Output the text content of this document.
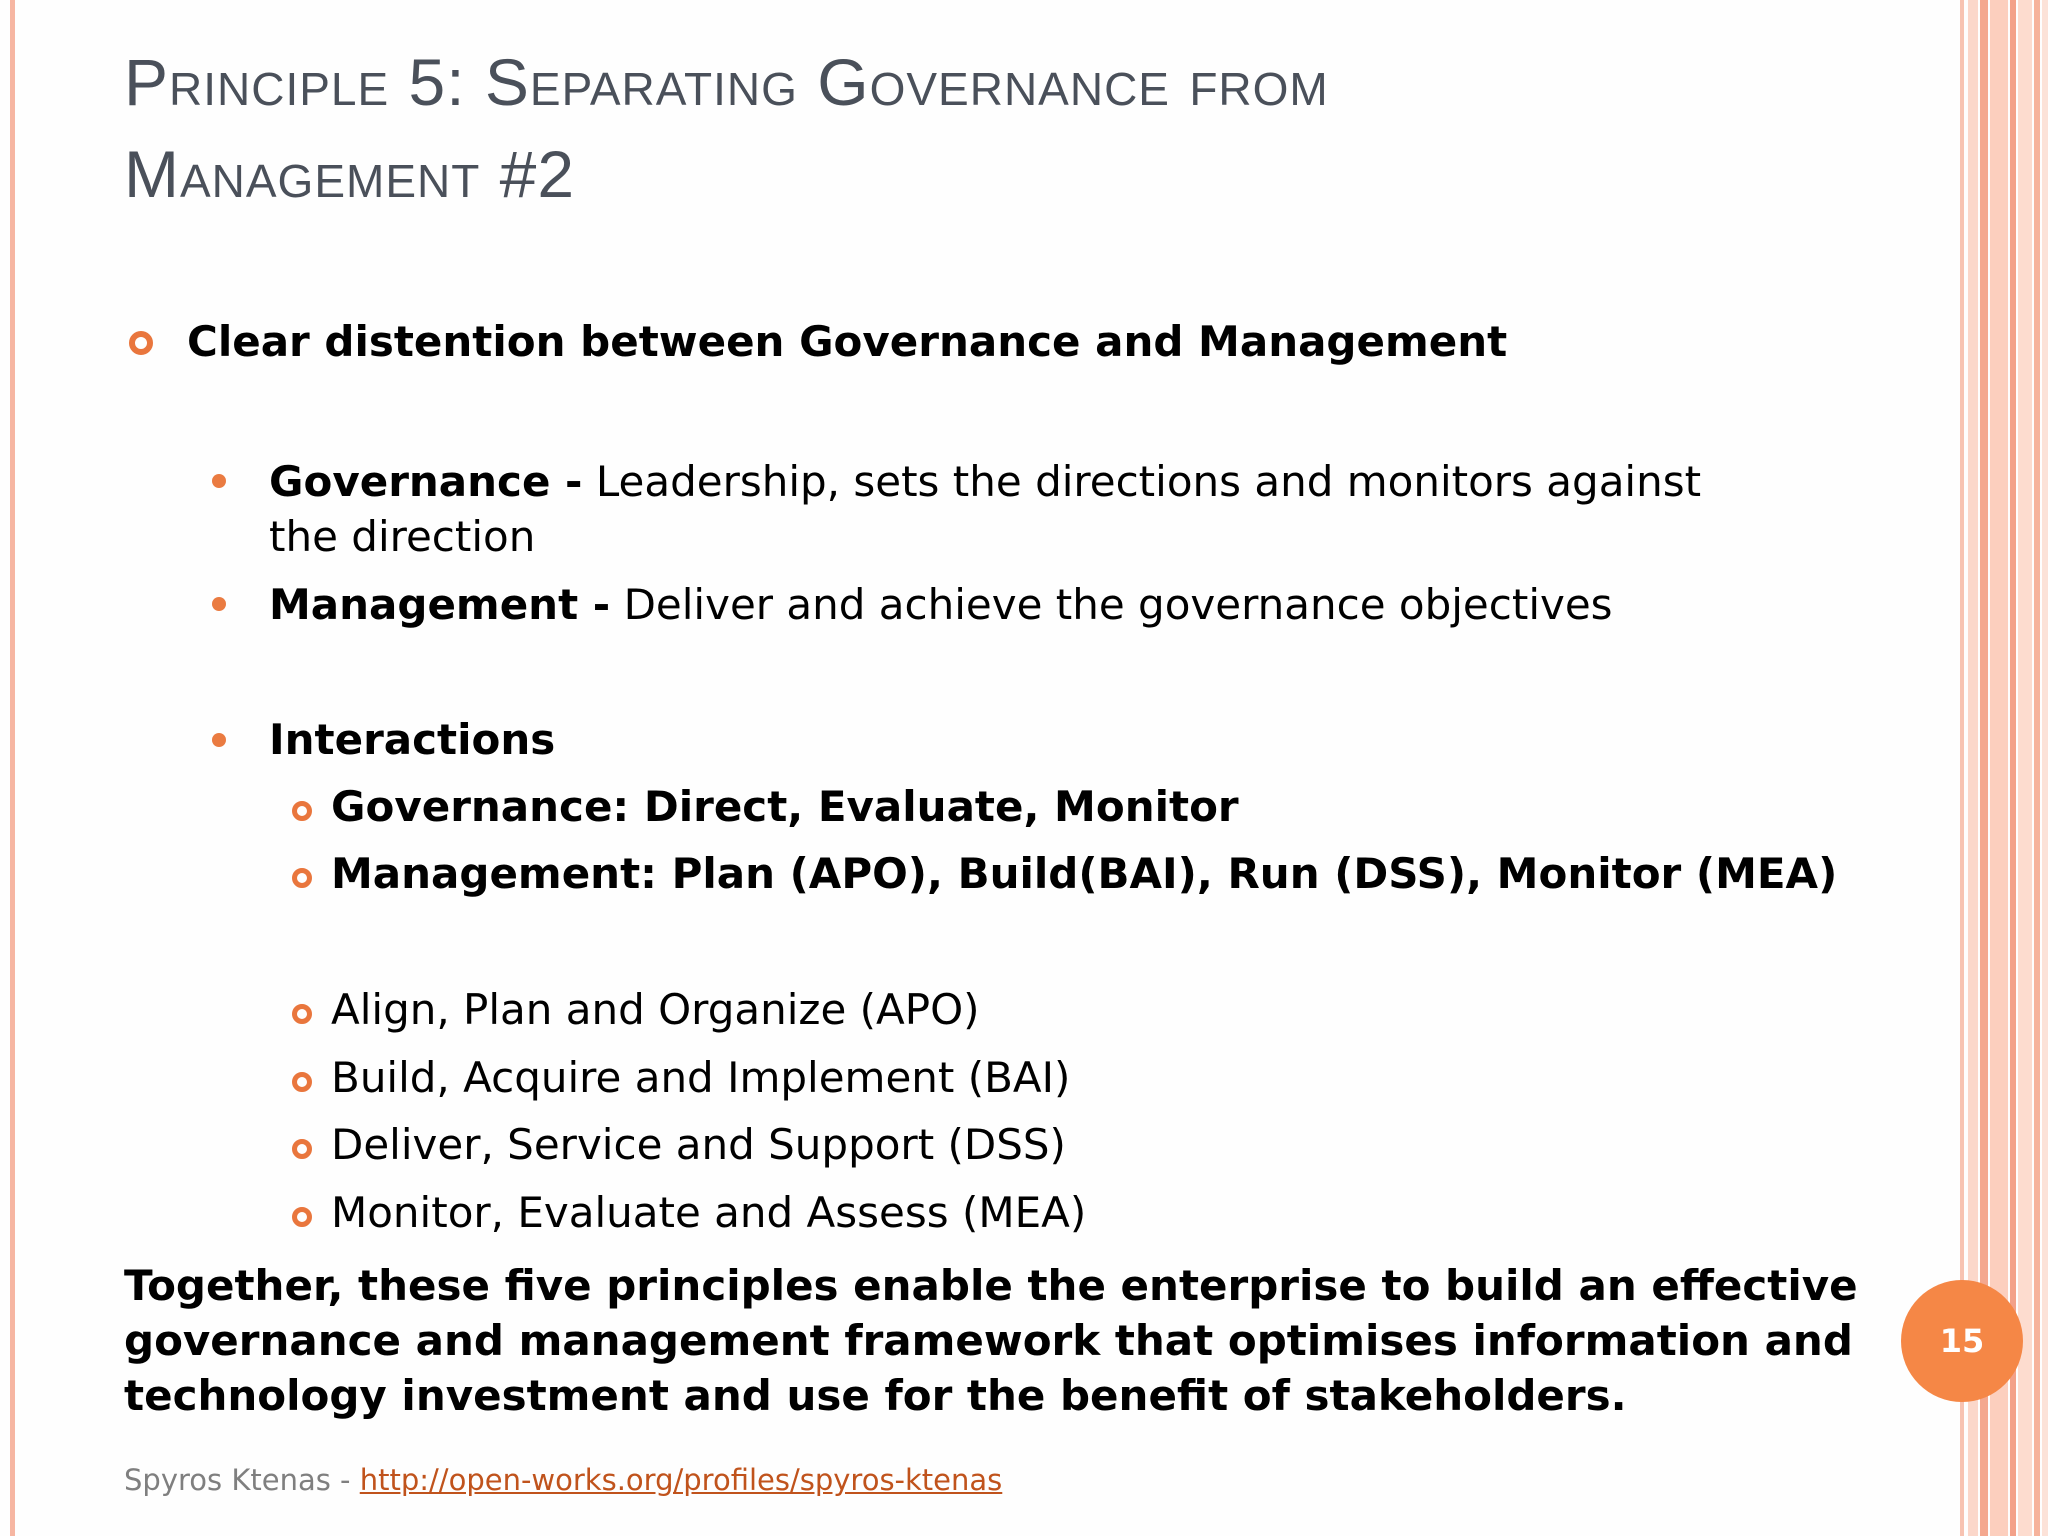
Principle 5: Separating Governance from
Management #2
Clear distention between Governance and Management
Governance - Leadership, sets the directions and monitors against the direction
Management - Deliver and achieve the governance objectives
Interactions
Governance: Direct, Evaluate, Monitor
Management: Plan (APO), Build(BAI), Run (DSS), Monitor (MEA)
Align, Plan and Organize (APO)
Build, Acquire and Implement (BAI)
Deliver, Service and Support (DSS)
Monitor, Evaluate and Assess (MEA)

Together, these five principles enable the enterprise to build an effective governance and management framework that optimises information and technology investment and use for the benefit of stakeholders.

Spyros Ktenas - http://open-works.org/profiles/spyros-ktenas
15
